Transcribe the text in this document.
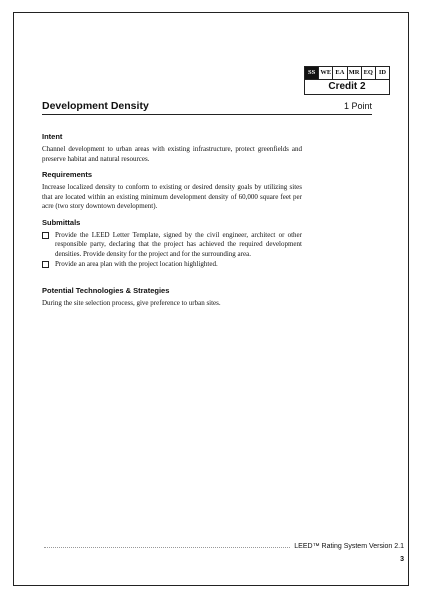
SS WE EA MR EQ ID
Credit 2
Development Density	1 Point
Intent

Channel development to urban areas with existing infrastructure, protect greenfields and preserve habitat and natural resources.

Requirements

Increase localized density to conform to existing or desired density goals by utilizing sites that are located within an existing minimum development density of 60,000 square feet per acre (two story downtown development).

Submittals
Provide the LEED Letter Template, signed by the civil engineer, architect or other responsible party, declaring that the project has achieved the required development densities. Provide density for the project and for the surrounding area.
Provide an area plan with the project location highlighted.
Potential Technologies & Strategies

During the site selection process, give preference to urban sites.

LEED™ Rating System Version 2.1
3
